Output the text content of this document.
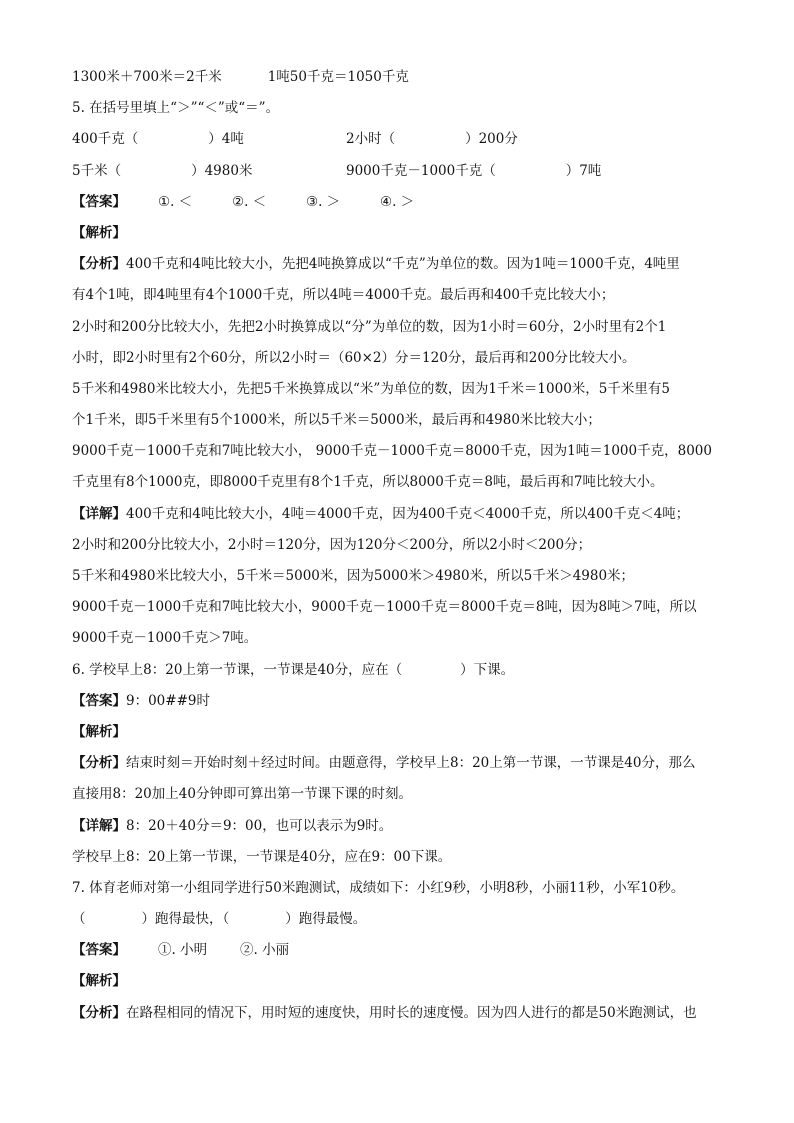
1300米＋700米＝2千米	1吨50千克＝1050千克
5. 在括号里填上“＞”“＜”或“＝”。
400千克（	）4吨	2小时（	）200分
5千米（	）4980米	9000千克－1000千克（	）7吨
【答案】 ①. ＜	②. ＜	③. ＞	④. ＞
【解析】
【分析】400千克和4吨比较大小，先把4吨换算成以“千克”为单位的数。因为1吨＝1000千克，4吨里
有4个1吨，即4吨里有4个1000千克，所以4吨＝4000千克。最后再和400千克比较大小；
2小时和200分比较大小，先把2小时换算成以“分”为单位的数，因为1小时＝60分，2小时里有2个1
小时，即2小时里有2个60分，所以2小时＝（60×2）分＝120分，最后再和200分比较大小。
5千米和4980米比较大小，先把5千米换算成以“米”为单位的数，因为1千米＝1000米，5千米里有5
个1千米，即5千米里有5个1000米，所以5千米＝5000米，最后再和4980米比较大小；
9000千克－1000千克和7吨比较大小， 9000千克－1000千克＝8000千克，因为1吨＝1000千克，8000
千克里有8个1000克，即8000千克里有8个1千克，所以8000千克＝8吨，最后再和7吨比较大小。
【详解】400千克和4吨比较大小，4吨＝4000千克，因为400千克＜4000千克，所以400千克＜4吨；
2小时和200分比较大小，2小时＝120分，因为120分＜200分，所以2小时＜200分；
5千米和4980米比较大小，5千米＝5000米，因为5000米＞4980米，所以5千米＞4980米；
9000千克－1000千克和7吨比较大小，9000千克－1000千克＝8000千克＝8吨，因为8吨＞7吨，所以
9000千克－1000千克＞7吨。
6. 学校早上8：20上第一节课，一节课是40分，应在（	）下课。
【答案】9：00##9时
【解析】
【分析】结束时刻＝开始时刻＋经过时间。由题意得，学校早上8：20上第一节课，一节课是40分，那么
直接用8：20加上40分钟即可算出第一节课下课的时刻。
【详解】8：20＋40分＝9：00，也可以表示为9时。
学校早上8：20上第一节课，一节课是40分，应在9：00下课。
7. 体育老师对第一小组同学进行50米跑测试，成绩如下：小红9秒，小明8秒，小丽11秒，小军10秒。
（	）跑得最快，（	）跑得最慢。
【答案】 ①. 小明 ②. 小丽
【解析】
【分析】在路程相同的情况下，用时短的速度快，用时长的速度慢。因为四人进行的都是50米跑测试，也
